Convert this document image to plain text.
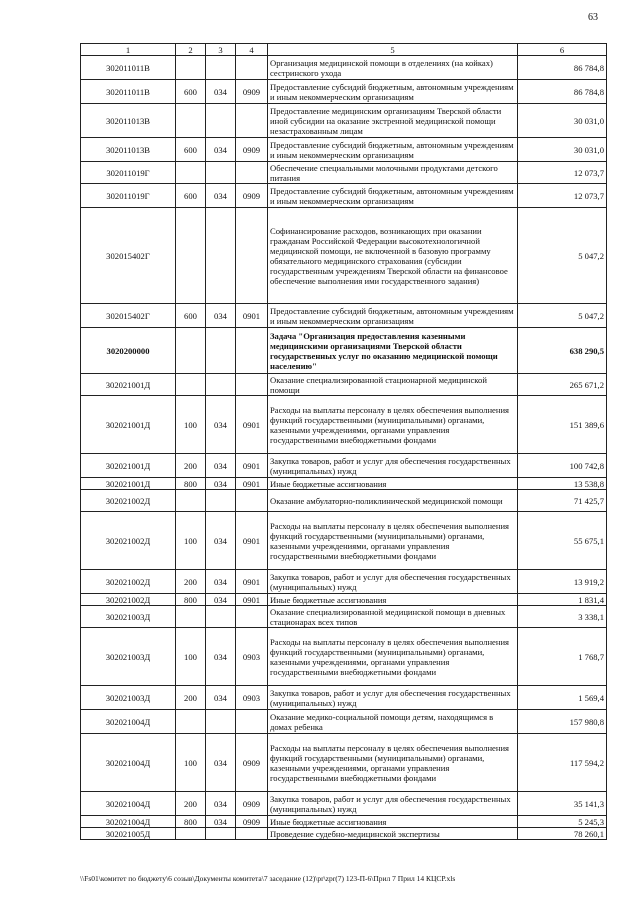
63
1	2	3	4	5	6
302011011В				Организация медицинской помощи в отделениях (на койках) сестринского ухода	86 784,8
302011011В	600	034	0909	Предоставление субсидий бюджетным, автономным учреждениям и иным некоммерческим организациям	86 784,8
302011013В				Предоставление медицинским организациям Тверской области иной субсидии на оказание экстренной медицинской помощи незастрахованным лицам	30 031,0
302011013В	600	034	0909	Предоставление субсидий бюджетным, автономным учреждениям и иным некоммерческим организациям	30 031,0
302011019Г				Обеспечение специальными молочными продуктами детского питания	12 073,7
302011019Г	600	034	0909	Предоставление субсидий бюджетным, автономным учреждениям и иным некоммерческим организациям	12 073,7
302015402Г				Софинансирование расходов, возникающих при оказании гражданам Российской Федерации высокотехнологичной медицинской помощи, не включенной в базовую программу обязательного медицинского страхования (субсидии государственным учреждениям Тверской области на финансовое обеспечение выполнения ими государственного задания)	5 047,2
302015402Г	600	034	0901	Предоставление субсидий бюджетным, автономным учреждениям и иным некоммерческим организациям	5 047,2
3020200000				Задача "Организация предоставления казенными медицинскими организациями Тверской области государственных услуг по оказанию медицинской помощи населению"	638 290,5
302021001Д				Оказание специализированной стационарной медицинской помощи	265 671,2
302021001Д	100	034	0901	Расходы на выплаты персоналу в целях обеспечения выполнения функций государственными (муниципальными) органами, казенными учреждениями, органами управления государственными внебюджетными фондами	151 389,6
302021001Д	200	034	0901	Закупка товаров, работ и услуг для обеспечения государственных (муниципальных) нужд	100 742,8
302021001Д	800	034	0901	Иные бюджетные ассигнования	13 538,8
302021002Д				Оказание амбулаторно-поликлинической медицинской помощи	71 425,7
302021002Д	100	034	0901	Расходы на выплаты персоналу в целях обеспечения выполнения функций государственными (муниципальными) органами, казенными учреждениями, органами управления государственными внебюджетными фондами	55 675,1
302021002Д	200	034	0901	Закупка товаров, работ и услуг для обеспечения государственных (муниципальных) нужд	13 919,2
302021002Д	800	034	0901	Иные бюджетные ассигнования	1 831,4
302021003Д				Оказание специализированной медицинской помощи в дневных стационарах всех типов	3 338,1
302021003Д	100	034	0903	Расходы на выплаты персоналу в целях обеспечения выполнения функций государственными (муниципальными) органами, казенными учреждениями, органами управления государственными внебюджетными фондами	1 768,7
302021003Д	200	034	0903	Закупка товаров, работ и услуг для обеспечения государственных (муниципальных) нужд	1 569,4
302021004Д				Оказание медико-социальной помощи детям, находящимся в домах ребенка	157 980,8
302021004Д	100	034	0909	Расходы на выплаты персоналу в целях обеспечения выполнения функций государственными (муниципальными) органами, казенными учреждениями, органами управления государственными внебюджетными фондами	117 594,2
302021004Д	200	034	0909	Закупка товаров, работ и услуг для обеспечения государственных (муниципальных) нужд	35 141,3
302021004Д	800	034	0909	Иные бюджетные ассигнования	5 245,3
302021005Д				Проведение судебно-медицинской экспертизы	78 260,1
\\Fs01\комитет по бюджету\6 созыв\Документы комитета\7 заседание (12)\pr\zpr(7) 123-П-6\Прил 7 Прил 14 КЦСР.xls
